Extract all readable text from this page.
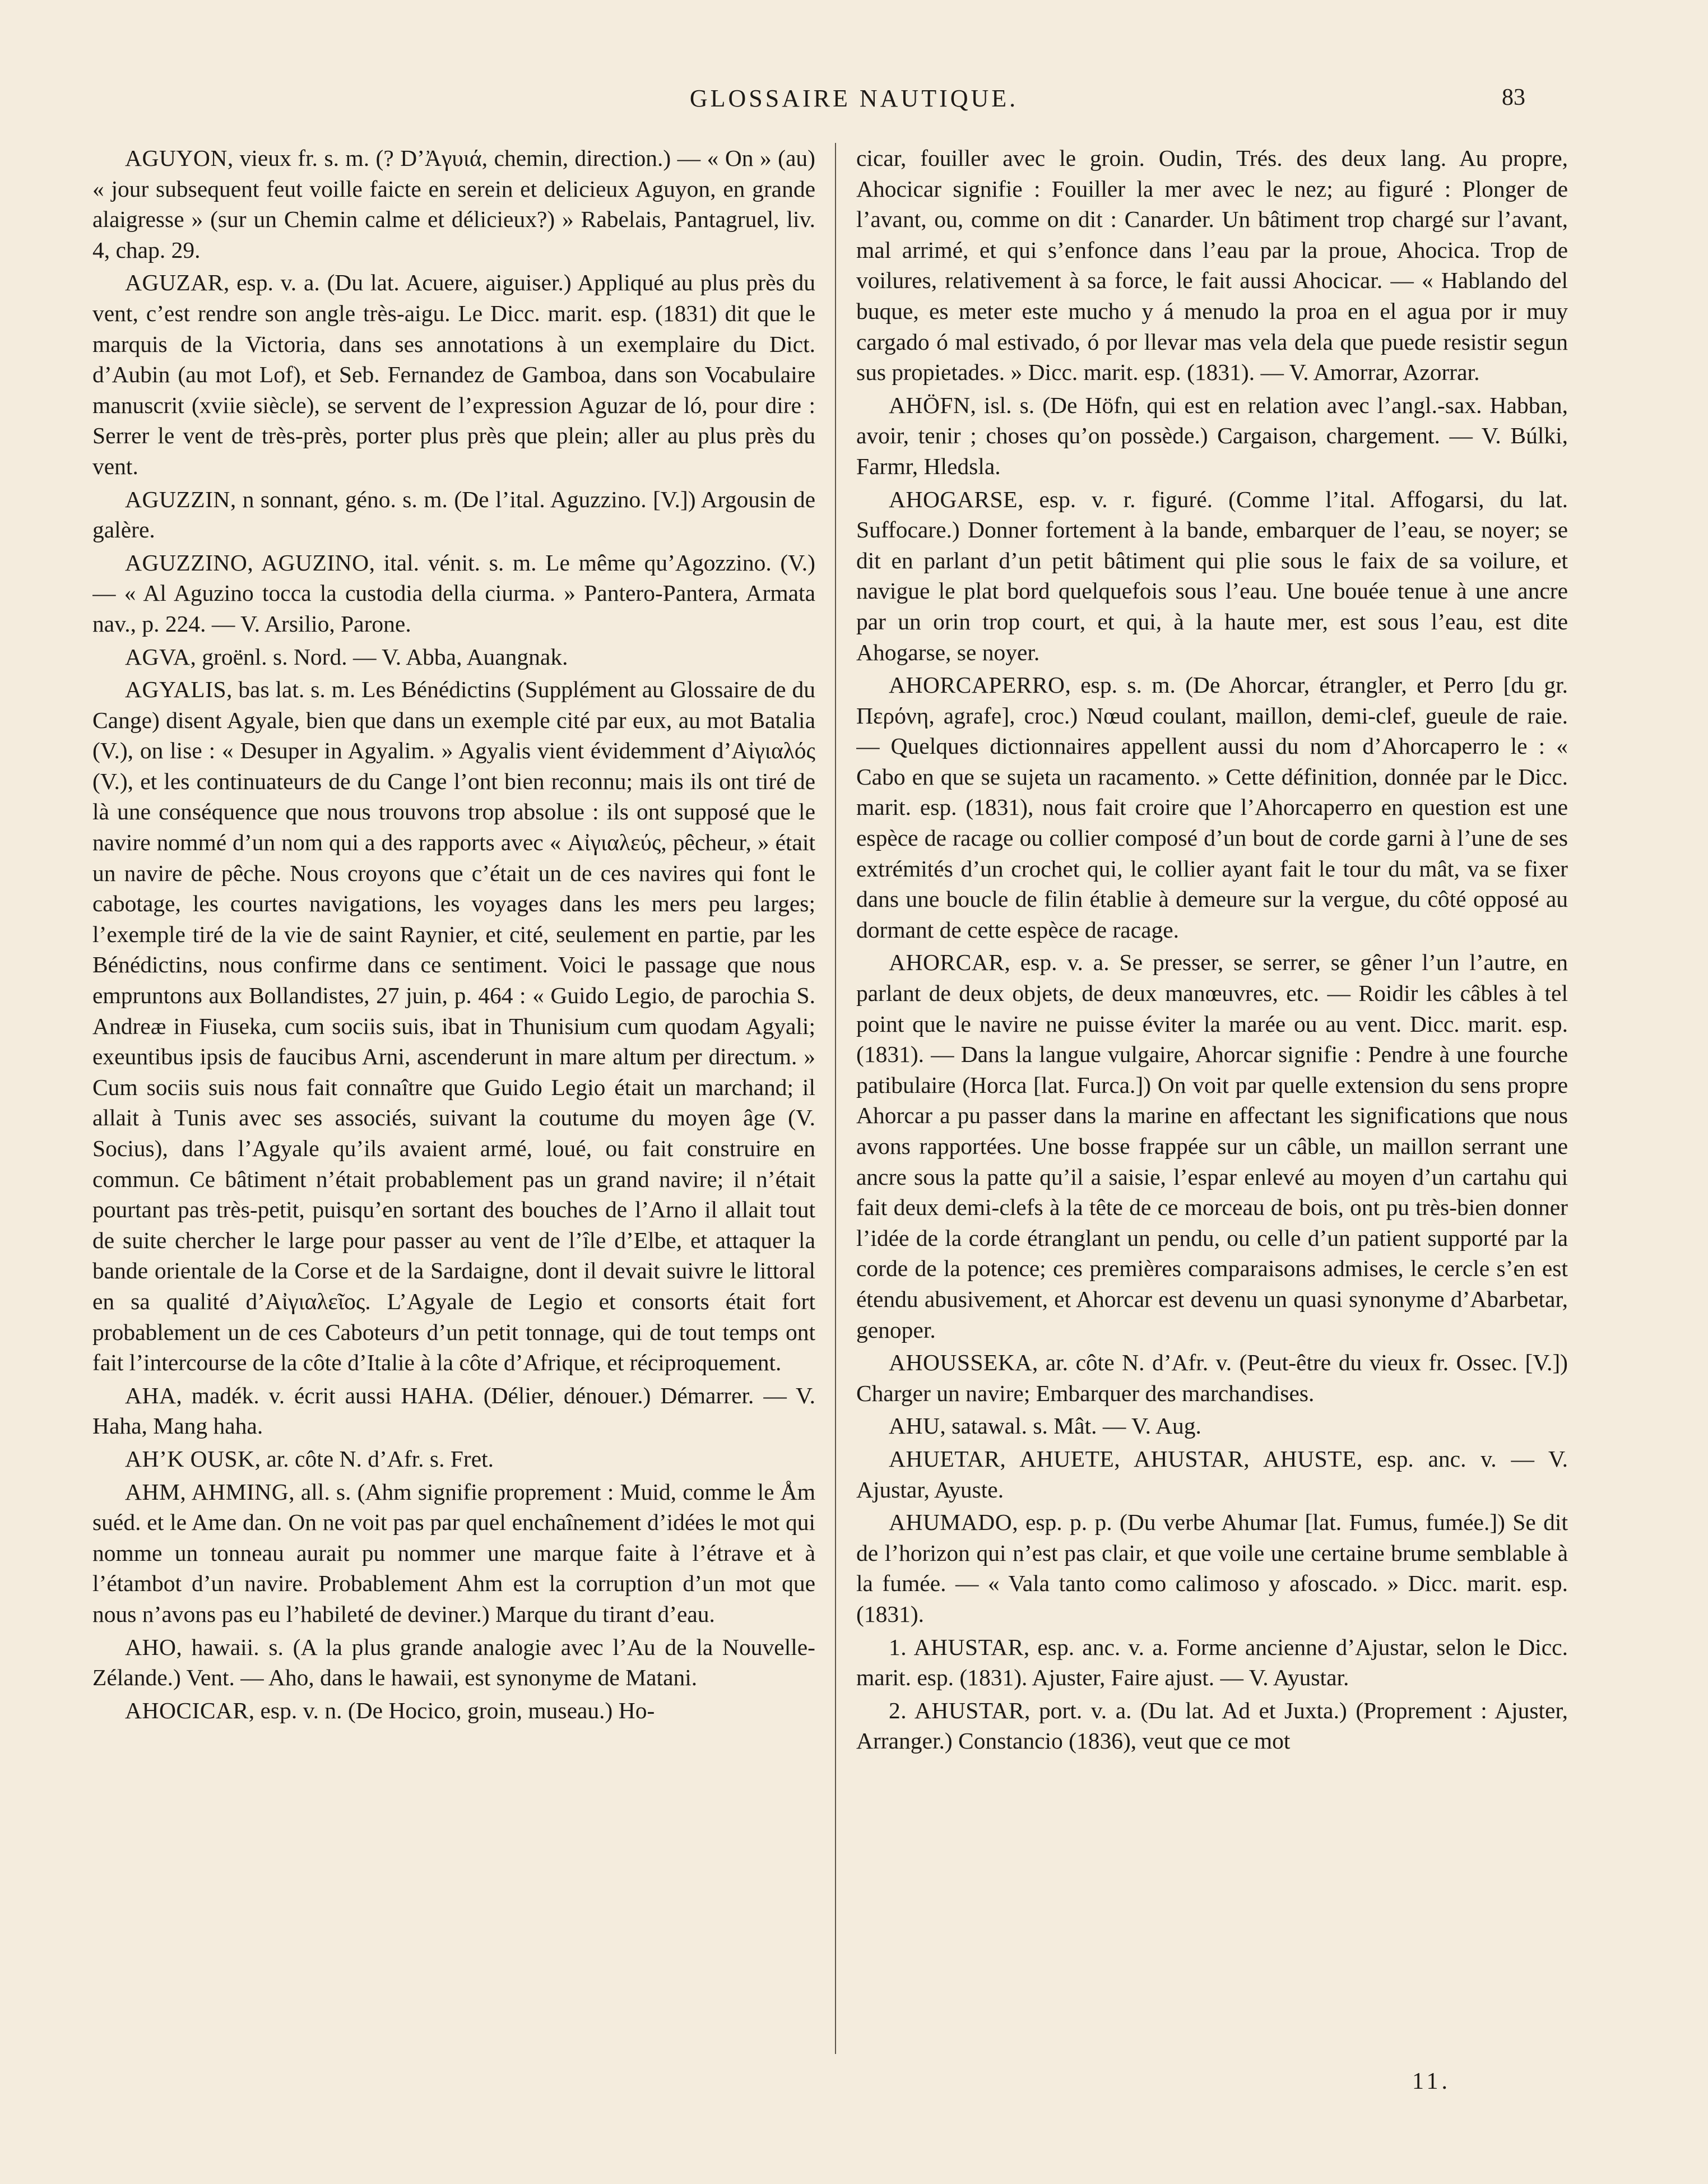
GLOSSAIRE NAUTIQUE.	83

AGUYON, vieux fr. s. m. (? D’Ἀγυιά, chemin, direction.) — « On » (au) « jour subsequent feut voille faicte en serein et delicieux Aguyon, en grande alaigresse » (sur un Chemin calme et délicieux?) » Rabelais, Pantagruel, liv. 4, chap. 29.

AGUZAR, esp. v. a. (Du lat. Acuere, aiguiser.) Appliqué au plus près du vent, c’est rendre son angle très-aigu. Le Dicc. marit. esp. (1831) dit que le marquis de la Victoria, dans ses annotations à un exemplaire du Dict. d’Aubin (au mot Lof), et Seb. Fernandez de Gamboa, dans son Vocabulaire manuscrit (xviie siècle), se servent de l’expression Aguzar de ló, pour dire : Serrer le vent de très-près, porter plus près que plein; aller au plus près du vent.

AGUZZIN, n sonnant, géno. s. m. (De l’ital. Aguzzino. [V.]) Argousin de galère.

AGUZZINO, AGUZINO, ital. vénit. s. m. Le même qu’Agozzino. (V.) — « Al Aguzino tocca la custodia della ciurma. » Pantero-Pantera, Armata nav., p. 224. — V. Arsilio, Parone.

AGVA, groënl. s. Nord. — V. Abba, Auangnak.

AGYALIS, bas lat. s. m. Les Bénédictins (Supplément au Glossaire de du Cange) disent Agyale, bien que dans un exemple cité par eux, au mot Batalia (V.), on lise : « Desuper in Agyalim. » Agyalis vient évidemment d’Αἰγιαλός (V.), et les continuateurs de du Cange l’ont bien reconnu; mais ils ont tiré de là une conséquence que nous trouvons trop absolue : ils ont supposé que le navire nommé d’un nom qui a des rapports avec « Αἰγιαλεύς, pêcheur, » était un navire de pêche. Nous croyons que c’était un de ces navires qui font le cabotage, les courtes navigations, les voyages dans les mers peu larges; l’exemple tiré de la vie de saint Raynier, et cité, seulement en partie, par les Bénédictins, nous confirme dans ce sentiment. Voici le passage que nous empruntons aux Bollandistes, 27 juin, p. 464 : « Guido Legio, de parochia S. Andreæ in Fiuseka, cum sociis suis, ibat in Thunisium cum quodam Agyali; exeuntibus ipsis de faucibus Arni, ascenderunt in mare altum per directum. » Cum sociis suis nous fait connaître que Guido Legio était un marchand; il allait à Tunis avec ses associés, suivant la coutume du moyen âge (V. Socius), dans l’Agyale qu’ils avaient armé, loué, ou fait construire en commun. Ce bâtiment n’était probablement pas un grand navire; il n’était pourtant pas très-petit, puisqu’en sortant des bouches de l’Arno il allait tout de suite chercher le large pour passer au vent de l’île d’Elbe, et attaquer la bande orientale de la Corse et de la Sardaigne, dont il devait suivre le littoral en sa qualité d’Αἰγιαλεῖος. L’Agyale de Legio et consorts était fort probablement un de ces Caboteurs d’un petit tonnage, qui de tout temps ont fait l’intercourse de la côte d’Italie à la côte d’Afrique, et réciproquement.

AHA, madék. v. écrit aussi HAHA. (Délier, dénouer.) Démarrer. — V. Haha, Mang haha.

AH’K OUSK, ar. côte N. d’Afr. s. Fret.

AHM, AHMING, all. s. (Ahm signifie proprement : Muid, comme le Åm suéd. et le Ame dan. On ne voit pas par quel enchaînement d’idées le mot qui nomme un tonneau aurait pu nommer une marque faite à l’étrave et à l’étambot d’un navire. Probablement Ahm est la corruption d’un mot que nous n’avons pas eu l’habileté de deviner.) Marque du tirant d’eau.

AHO, hawaii. s. (A la plus grande analogie avec l’Au de la Nouvelle-Zélande.) Vent. — Aho, dans le hawaii, est synonyme de Matani.

AHOCICAR, esp. v. n. (De Hocico, groin, museau.) Ho-

cicar, fouiller avec le groin. Oudin, Trés. des deux lang. Au propre, Ahocicar signifie : Fouiller la mer avec le nez; au figuré : Plonger de l’avant, ou, comme on dit : Canarder. Un bâtiment trop chargé sur l’avant, mal arrimé, et qui s’enfonce dans l’eau par la proue, Ahocica. Trop de voilures, relativement à sa force, le fait aussi Ahocicar. — « Hablando del buque, es meter este mucho y á menudo la proa en el agua por ir muy cargado ó mal estivado, ó por llevar mas vela dela que puede resistir segun sus propietades. » Dicc. marit. esp. (1831). — V. Amorrar, Azorrar.

AHÖFN, isl. s. (De Höfn, qui est en relation avec l’angl.-sax. Habban, avoir, tenir ; choses qu’on possède.) Cargaison, chargement. — V. Búlki, Farmr, Hledsla.

AHOGARSE, esp. v. r. figuré. (Comme l’ital. Affogarsi, du lat. Suffocare.) Donner fortement à la bande, embarquer de l’eau, se noyer; se dit en parlant d’un petit bâtiment qui plie sous le faix de sa voilure, et navigue le plat bord quelquefois sous l’eau. Une bouée tenue à une ancre par un orin trop court, et qui, à la haute mer, est sous l’eau, est dite Ahogarse, se noyer.

AHORCAPERRO, esp. s. m. (De Ahorcar, étrangler, et Perro [du gr. Περόνη, agrafe], croc.) Nœud coulant, maillon, demi-clef, gueule de raie. — Quelques dictionnaires appellent aussi du nom d’Ahorcaperro le : « Cabo en que se sujeta un racamento. » Cette définition, donnée par le Dicc. marit. esp. (1831), nous fait croire que l’Ahorcaperro en question est une espèce de racage ou collier composé d’un bout de corde garni à l’une de ses extrémités d’un crochet qui, le collier ayant fait le tour du mât, va se fixer dans une boucle de filin établie à demeure sur la vergue, du côté opposé au dormant de cette espèce de racage.

AHORCAR, esp. v. a. Se presser, se serrer, se gêner l’un l’autre, en parlant de deux objets, de deux manœuvres, etc. — Roidir les câbles à tel point que le navire ne puisse éviter la marée ou au vent. Dicc. marit. esp. (1831). — Dans la langue vulgaire, Ahorcar signifie : Pendre à une fourche patibulaire (Horca [lat. Furca.]) On voit par quelle extension du sens propre Ahorcar a pu passer dans la marine en affectant les significations que nous avons rapportées. Une bosse frappée sur un câble, un maillon serrant une ancre sous la patte qu’il a saisie, l’espar enlevé au moyen d’un cartahu qui fait deux demi-clefs à la tête de ce morceau de bois, ont pu très-bien donner l’idée de la corde étranglant un pendu, ou celle d’un patient supporté par la corde de la potence; ces premières comparaisons admises, le cercle s’en est étendu abusivement, et Ahorcar est devenu un quasi synonyme d’Abarbetar, genoper.

AHOUSSEKA, ar. côte N. d’Afr. v. (Peut-être du vieux fr. Ossec. [V.]) Charger un navire; Embarquer des marchandises.

AHU, satawal. s. Mât. — V. Aug.

AHUETAR, AHUETE, AHUSTAR, AHUSTE, esp. anc. v. — V. Ajustar, Ayuste.

AHUMADO, esp. p. p. (Du verbe Ahumar [lat. Fumus, fumée.]) Se dit de l’horizon qui n’est pas clair, et que voile une certaine brume semblable à la fumée. — « Vala tanto como calimoso y afoscado. » Dicc. marit. esp. (1831).

1. AHUSTAR, esp. anc. v. a. Forme ancienne d’Ajustar, selon le Dicc. marit. esp. (1831). Ajuster, Faire ajust. — V. Ayustar.

2. AHUSTAR, port. v. a. (Du lat. Ad et Juxta.) (Proprement : Ajuster, Arranger.) Constancio (1836), veut que ce mot

11.
